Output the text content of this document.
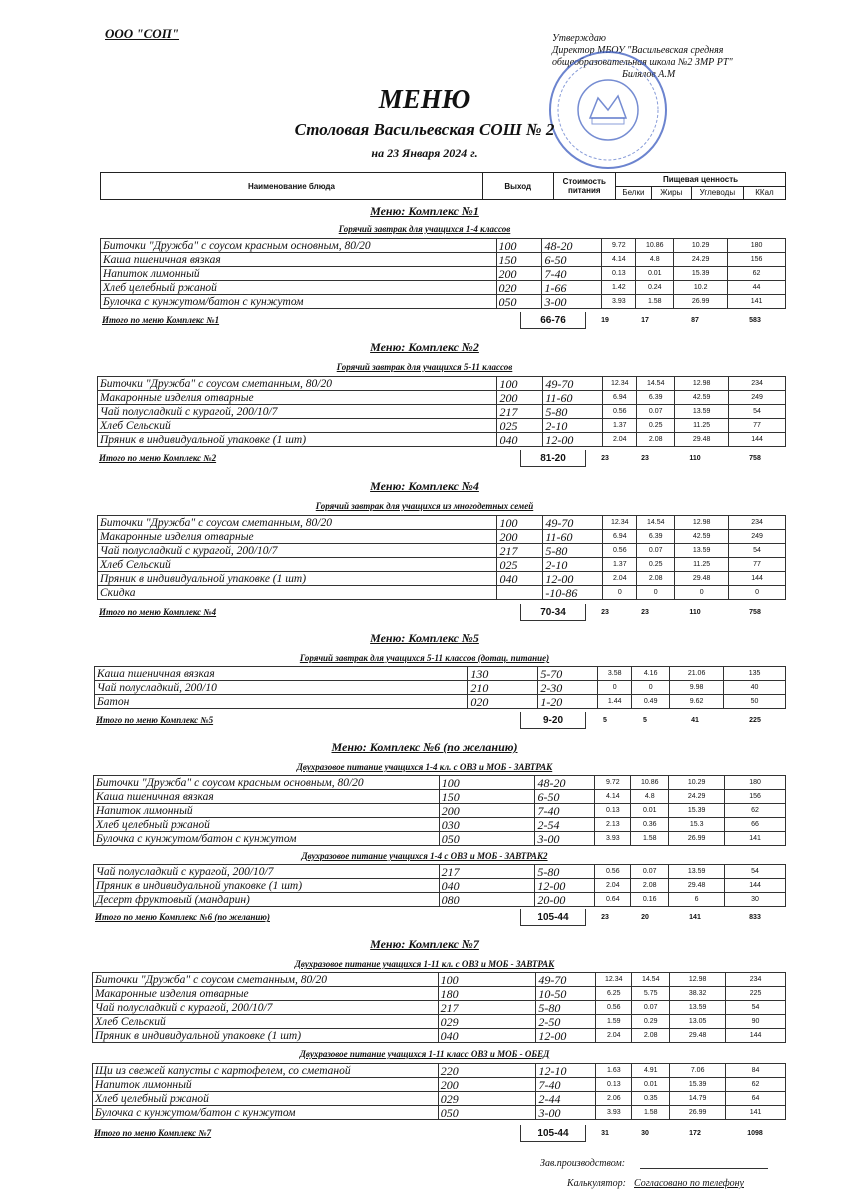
ООО "СОП"	Утверждаю
Директор МБОУ "Васильевская средняя
общеобразовательная школа №2 ЗМР РТ"
Билялов А.М
МЕНЮ
Столовая Васильевская СОШ № 2
на 23 Января 2024 г.
Наименование блюда	Выход	Стоимость питания	Пищевая ценность			
			Белки	Жиры	Углеводы	ККал
Меню: Комплекс №1
Горячий завтрак для учащихся 1-4 классов
Биточки "Дружба" с соусом красным основным, 80/20	100	48-20	9.72	10.86	10.29	180
Каша пшеничная вязкая	150	6-50	4.14	4.8	24.29	156
Напиток лимонный	200	7-40	0.13	0.01	15.39	62
Хлеб целебный ржаной	020	1-66	1.42	0.24	10.2	44
Булочка с кунжутом/батон с кунжутом	050	3-00	3.93	1.58	26.99	141
Итого по меню Комплекс №1		66-76	19	17	87	583
Меню: Комплекс №2
Горячий завтрак для учащихся 5-11 классов
Биточки "Дружба" с соусом сметанным, 80/20	100	49-70	12.34	14.54	12.98	234
Макаронные изделия отварные	200	11-60	6.94	6.39	42.59	249
Чай полусладкий с курагой, 200/10/7	217	5-80	0.56	0.07	13.59	54
Хлеб Сельский	025	2-10	1.37	0.25	11.25	77
Пряник в индивидуальной упаковке (1 шт)	040	12-00	2.04	2.08	29.48	144
Итого по меню Комплекс №2		81-20	23	23	110	758
Меню: Комплекс №4
Горячий завтрак для учащихся из многодетных семей
Биточки "Дружба" с соусом сметанным, 80/20	100	49-70	12.34	14.54	12.98	234
Макаронные изделия отварные	200	11-60	6.94	6.39	42.59	249
Чай полусладкий с курагой, 200/10/7	217	5-80	0.56	0.07	13.59	54
Хлеб Сельский	025	2-10	1.37	0.25	11.25	77
Пряник в индивидуальной упаковке (1 шт)	040	12-00	2.04	2.08	29.48	144
Скидка		-10-86	0	0	0	0
Итого по меню Комплекс №4		70-34	23	23	110	758
Меню: Комплекс №5
Горячий завтрак для учащихся 5-11 классов (дотац. питание)
Каша пшеничная вязкая	130	5-70	3.58	4.16	21.06	135
Чай полусладкий, 200/10	210	2-30	0	0	9.98	40
Батон	020	1-20	1.44	0.49	9.62	50
Итого по меню Комплекс №5		9-20	5	5	41	225
Меню: Комплекс №6 (по желанию)
Двухразовое питание учащихся 1-4 кл. с ОВЗ и МОБ - ЗАВТРАК
Биточки "Дружба" с соусом красным основным, 80/20	100	48-20	9.72	10.86	10.29	180
Каша пшеничная вязкая	150	6-50	4.14	4.8	24.29	156
Напиток лимонный	200	7-40	0.13	0.01	15.39	62
Хлеб целебный ржаной	030	2-54	2.13	0.36	15.3	66
Булочка с кунжутом/батон с кунжутом	050	3-00	3.93	1.58	26.99	141
Двухразовое питание учащихся 1-4 с ОВЗ и МОБ - ЗАВТРАК2
Чай полусладкий с курагой, 200/10/7	217	5-80	0.56	0.07	13.59	54
Пряник в индивидуальной упаковке (1 шт)	040	12-00	2.04	2.08	29.48	144
Десерт фруктовый (мандарин)	080	20-00	0.64	0.16	6	30
Итого по меню Комплекс №6 (по желанию)		105-44	23	20	141	833
Меню: Комплекс №7
Двухразовое питание учащихся 1-11 кл. с ОВЗ и МОБ - ЗАВТРАК
Биточки "Дружба" с соусом сметанным, 80/20	100	49-70	12.34	14.54	12.98	234
Макаронные изделия отварные	180	10-50	6.25	5.75	38.32	225
Чай полусладкий с курагой, 200/10/7	217	5-80	0.56	0.07	13.59	54
Хлеб Сельский	029	2-50	1.59	0.29	13.05	90
Пряник в индивидуальной упаковке (1 шт)	040	12-00	2.04	2.08	29.48	144
Двухразовое питание учащихся 1-11 класс ОВЗ и МОБ - ОБЕД
Щи из свежей капусты с картофелем, со сметаной	220	12-10	1.63	4.91	7.06	84
Напиток лимонный	200	7-40	0.13	0.01	15.39	62
Хлеб целебный ржаной	029	2-44	2.06	0.35	14.79	64
Булочка с кунжутом/батон с кунжутом	050	3-00	3.93	1.58	26.99	141
Итого по меню Комплекс №7		105-44	31	30	172	1098
Зав.производством:
Калькулятор: Согласовано по телефону
